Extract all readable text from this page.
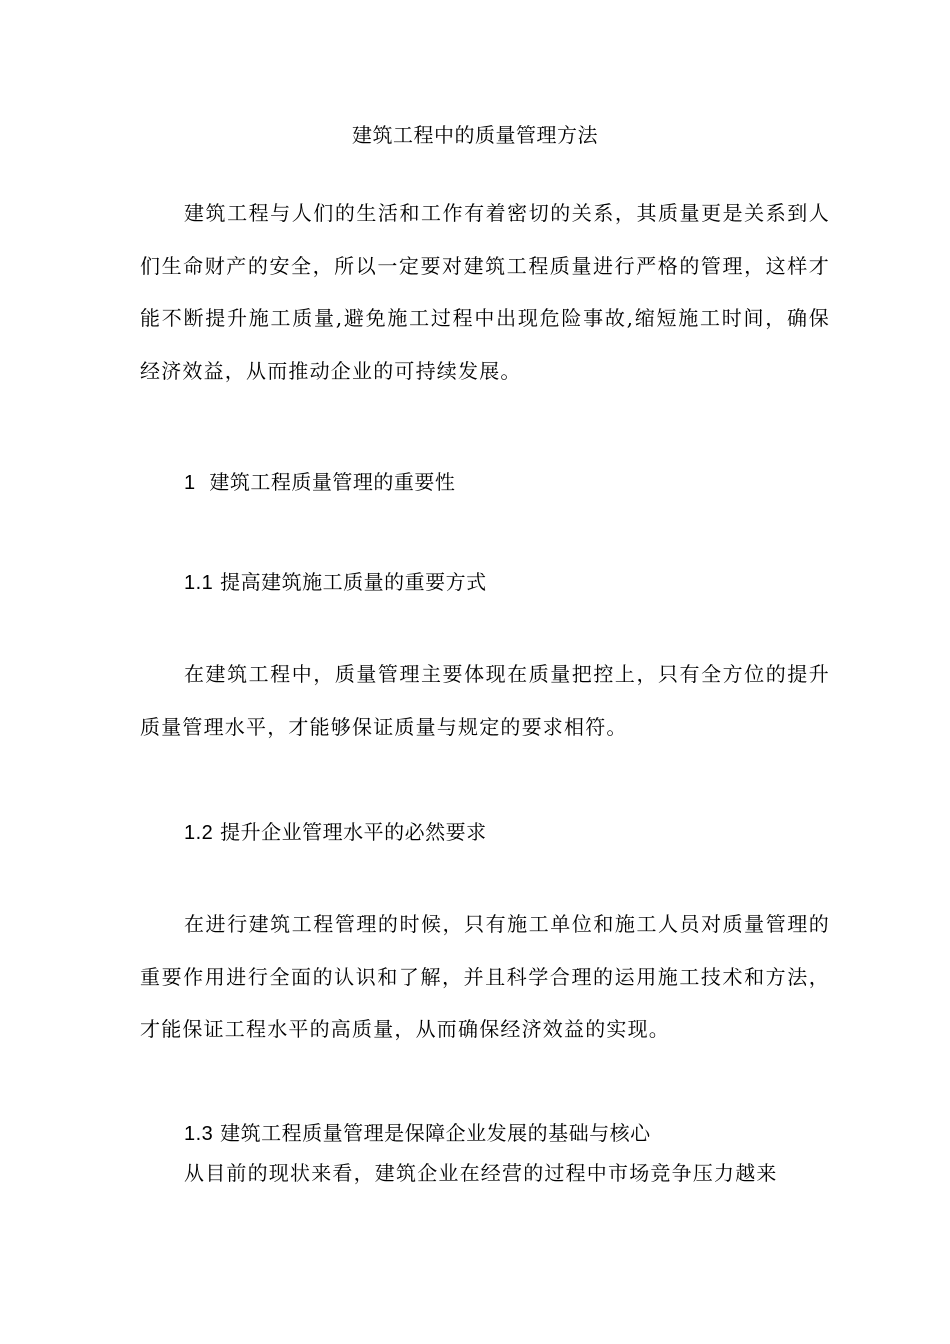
建筑工程中的质量管理方法

建筑工程与人们的生活和工作有着密切的关系，其质量更是关系到人们生命财产的安全，所以一定要对建筑工程质量进行严格的管理，这样才能不断提升施工质量,避免施工过程中出现危险事故,缩短施工时间，确保经济效益，从而推动企业的可持续发展。

1 建筑工程质量管理的重要性
1.1 提高建筑施工质量的重要方式

在建筑工程中，质量管理主要体现在质量把控上，只有全方位的提升质量管理水平，才能够保证质量与规定的要求相符。

1.2 提升企业管理水平的必然要求

在进行建筑工程管理的时候，只有施工单位和施工人员对质量管理的重要作用进行全面的认识和了解，并且科学合理的运用施工技术和方法，才能保证工程水平的高质量，从而确保经济效益的实现。

1.3 建筑工程质量管理是保障企业发展的基础与核心

从目前的现状来看，建筑企业在经营的过程中市场竞争压力越来
